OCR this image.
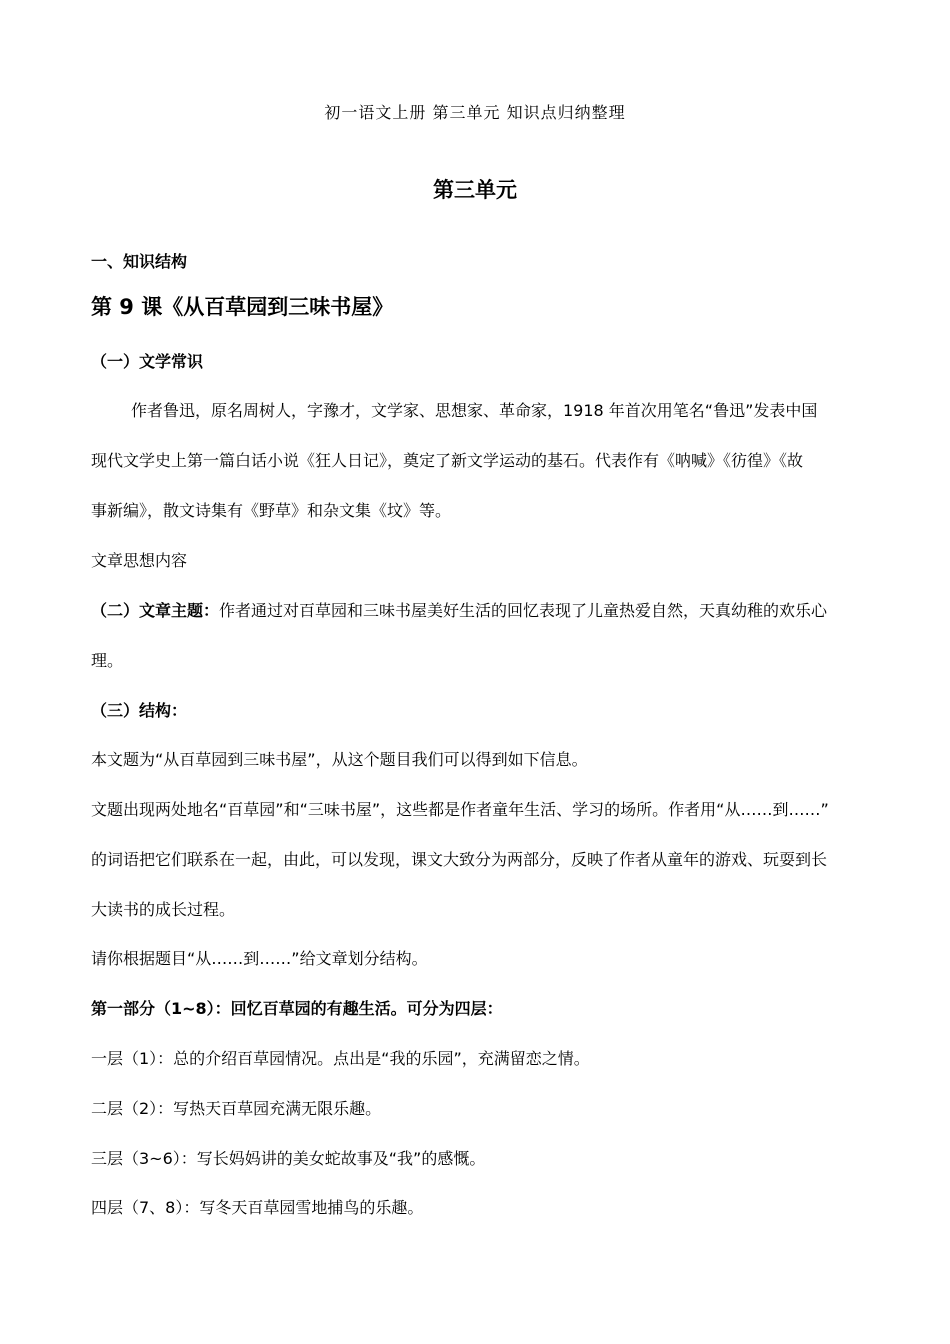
初一语文上册 第三单元 知识点归纳整理
第三单元
一、知识结构
第 9 课《从百草园到三味书屋》
（一）文学常识
作者鲁迅，原名周树人，字豫才，文学家、思想家、革命家，1918 年首次用笔名“鲁迅”发表中国
现代文学史上第一篇白话小说《狂人日记》，奠定了新文学运动的基石。代表作有《呐喊》《彷徨》《故
事新编》，散文诗集有《野草》和杂文集《坟》等。
文章思想内容
（二）文章主题：作者通过对百草园和三味书屋美好生活的回忆表现了儿童热爱自然，天真幼稚的欢乐心
理。
（三）结构：
本文题为“从百草园到三味书屋”，从这个题目我们可以得到如下信息。
文题出现两处地名“百草园”和“三味书屋”，这些都是作者童年生活、学习的场所。作者用“从……到……”
的词语把它们联系在一起，由此，可以发现，课文大致分为两部分，反映了作者从童年的游戏、玩耍到长
大读书的成长过程。
请你根据题目“从……到……”给文章划分结构。
第一部分（1~8）：回忆百草园的有趣生活。可分为四层：
一层（1）：总的介绍百草园情况。点出是“我的乐园”，充满留恋之情。
二层（2）：写热天百草园充满无限乐趣。
三层（3~6）：写长妈妈讲的美女蛇故事及“我”的感慨。
四层（7、8）：写冬天百草园雪地捕鸟的乐趣。
